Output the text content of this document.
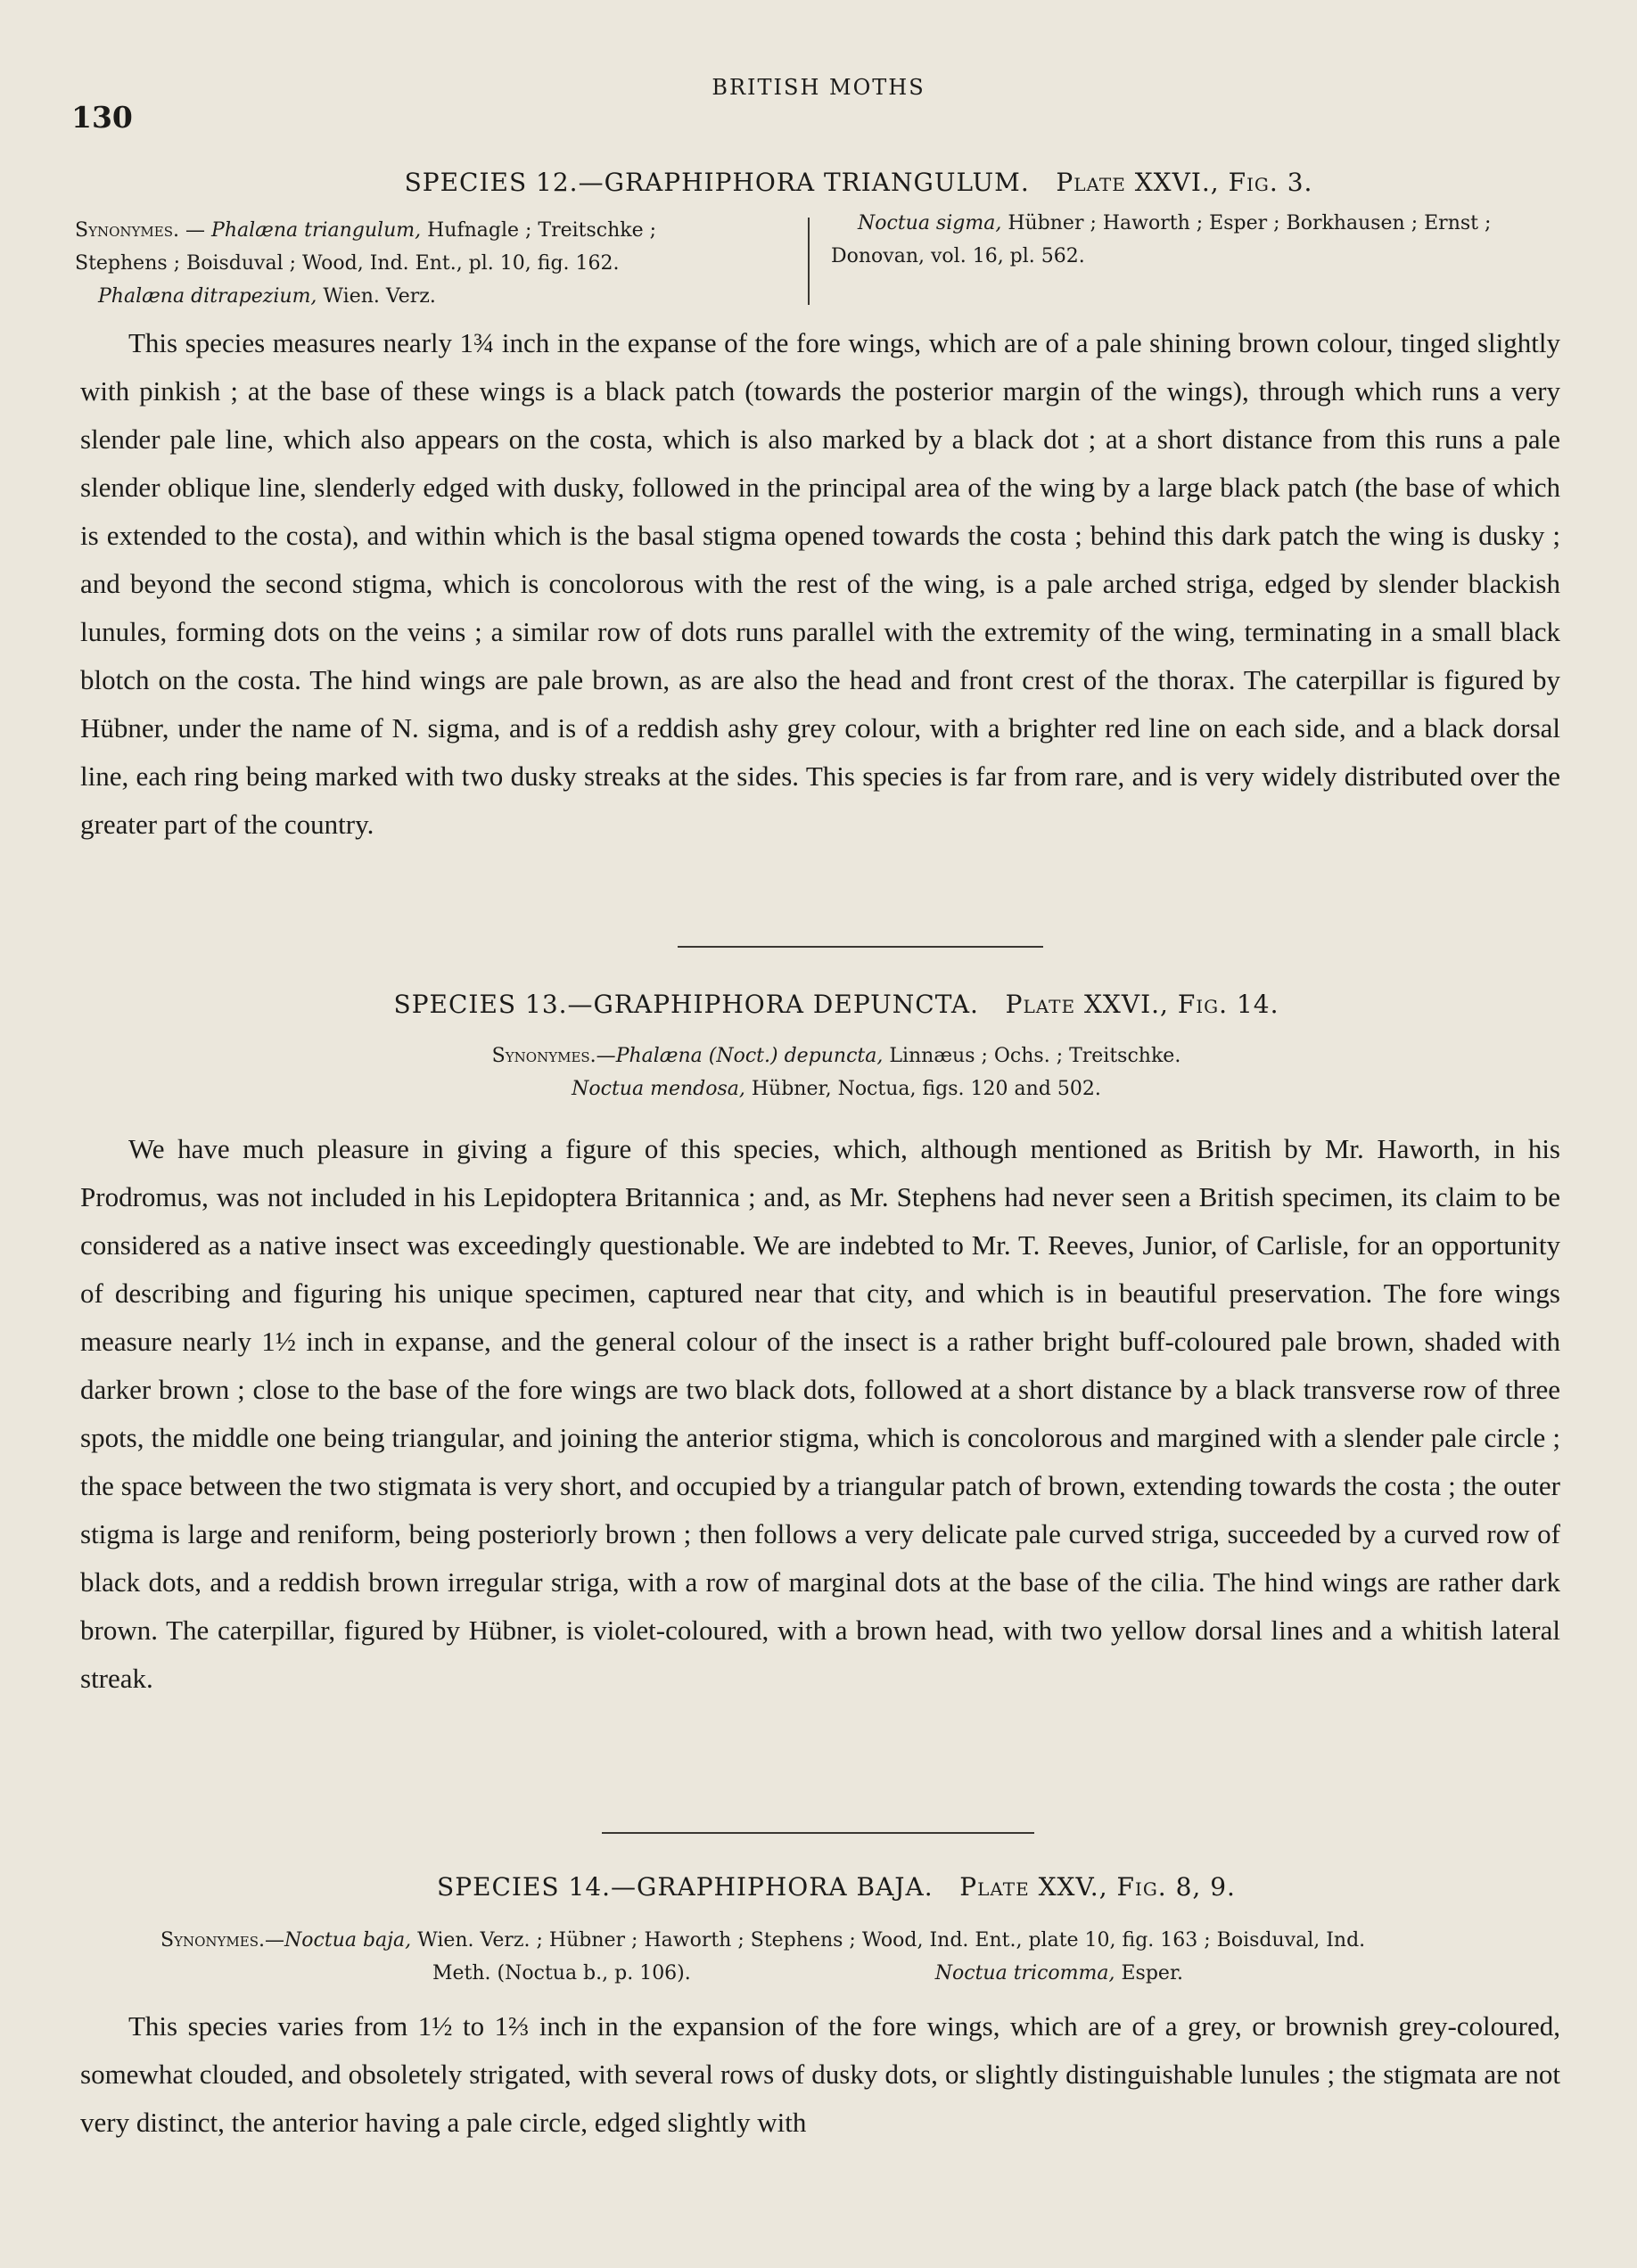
130
BRITISH MOTHS
SPECIES 12.—GRAPHIPHORA TRIANGULUM. Plate XXVI., Fig. 3.
Synonymes. — Phalæna triangulum, Hufnagle ; Treitschke ;
Stephens ; Boisduval ; Wood, Ind. Ent., pl. 10, fig. 162.
Phalæna ditrapezium, Wien. Verz.
Noctua sigma, Hübner ; Haworth ; Esper ; Borkhausen ; Ernst ;
Donovan, vol. 16, pl. 562.
This species measures nearly 1¾ inch in the expanse of the fore wings, which are of a pale shining brown colour, tinged slightly with pinkish ; at the base of these wings is a black patch (towards the posterior margin of the wings), through which runs a very slender pale line, which also appears on the costa, which is also marked by a black dot ; at a short distance from this runs a pale slender oblique line, slenderly edged with dusky, followed in the principal area of the wing by a large black patch (the base of which is extended to the costa), and within which is the basal stigma opened towards the costa ; behind this dark patch the wing is dusky ; and beyond the second stigma, which is concolorous with the rest of the wing, is a pale arched striga, edged by slender blackish lunules, forming dots on the veins ; a similar row of dots runs parallel with the extremity of the wing, terminating in a small black blotch on the costa. The hind wings are pale brown, as are also the head and front crest of the thorax. The caterpillar is figured by Hübner, under the name of N. sigma, and is of a reddish ashy grey colour, with a brighter red line on each side, and a black dorsal line, each ring being marked with two dusky streaks at the sides. This species is far from rare, and is very widely distributed over the greater part of the country.
SPECIES 13.—GRAPHIPHORA DEPUNCTA. Plate XXVI., Fig. 14.
Synonymes.—Phalæna (Noct.) depuncta, Linnæus ; Ochs. ; Treitschke.
Noctua mendosa, Hübner, Noctua, figs. 120 and 502.
We have much pleasure in giving a figure of this species, which, although mentioned as British by Mr. Haworth, in his Prodromus, was not included in his Lepidoptera Britannica ; and, as Mr. Stephens had never seen a British specimen, its claim to be considered as a native insect was exceedingly questionable. We are indebted to Mr. T. Reeves, Junior, of Carlisle, for an opportunity of describing and figuring his unique specimen, captured near that city, and which is in beautiful preservation. The fore wings measure nearly 1½ inch in expanse, and the general colour of the insect is a rather bright buff-coloured pale brown, shaded with darker brown ; close to the base of the fore wings are two black dots, followed at a short distance by a black transverse row of three spots, the middle one being triangular, and joining the anterior stigma, which is concolorous and margined with a slender pale circle ; the space between the two stigmata is very short, and occupied by a triangular patch of brown, extending towards the costa ; the outer stigma is large and reniform, being posteriorly brown ; then follows a very delicate pale curved striga, succeeded by a curved row of black dots, and a reddish brown irregular striga, with a row of marginal dots at the base of the cilia. The hind wings are rather dark brown. The caterpillar, figured by Hübner, is violet-coloured, with a brown head, with two yellow dorsal lines and a whitish lateral streak.
SPECIES 14.—GRAPHIPHORA BAJA. Plate XXV., Fig. 8, 9.
Synonymes.—Noctua baja, Wien. Verz. ; Hübner ; Haworth ; Stephens ; Wood, Ind. Ent., plate 10, fig. 163 ; Boisduval, Ind.
Meth. (Noctua b., p. 106).	Noctua tricomma, Esper.
This species varies from 1½ to 1⅔ inch in the expansion of the fore wings, which are of a grey, or brownish grey-coloured, somewhat clouded, and obsoletely strigated, with several rows of dusky dots, or slightly distinguishable lunules ; the stigmata are not very distinct, the anterior having a pale circle, edged slightly with
